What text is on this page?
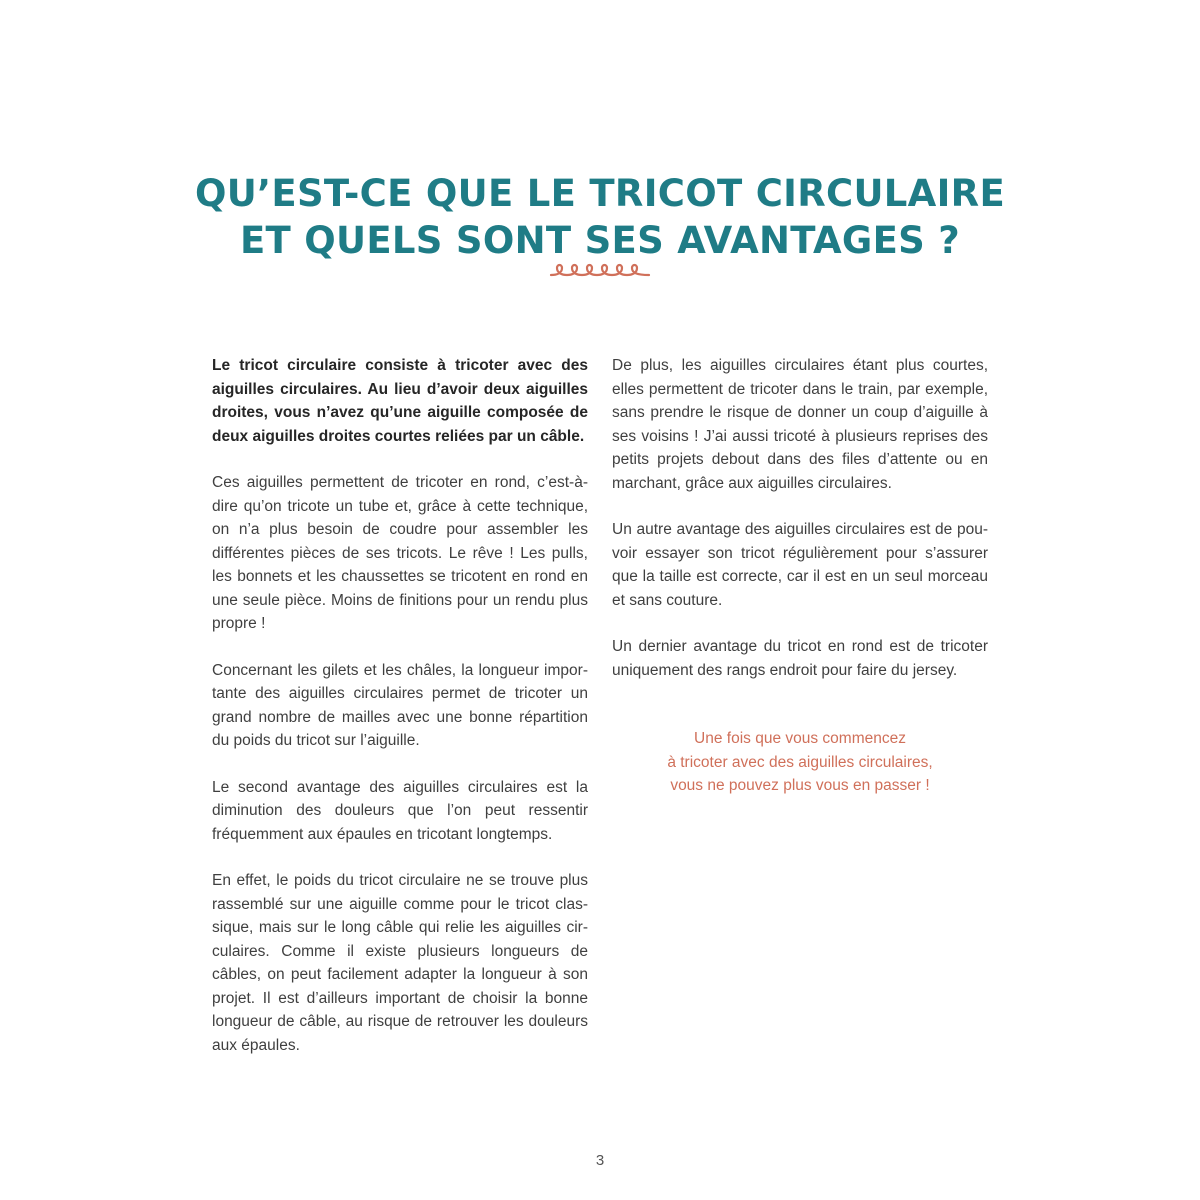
QU’EST-CE QUE LE TRICOT CIRCULAIRE
ET QUELS SONT SES AVANTAGES ?

Le tricot circulaire consiste à tricoter avec des aiguilles circulaires. Au lieu d’avoir deux aiguilles droites, vous n’avez qu’une aiguille composée de deux aiguilles droites courtes reliées par un câble.

Ces aiguilles permettent de tricoter en rond, c’est-à-dire qu’on tricote un tube et, grâce à cette technique, on n’a plus besoin de coudre pour assembler les différentes pièces de ses tricots. Le rêve ! Les pulls, les bonnets et les chaussettes se tricotent en rond en une seule pièce. Moins de finitions pour un rendu plus propre !

Concernant les gilets et les châles, la longueur importante des aiguilles circulaires permet de tricoter un grand nombre de mailles avec une bonne répartition du poids du tricot sur l’aiguille.

Le second avantage des aiguilles circulaires est la diminution des douleurs que l’on peut ressentir fréquemment aux épaules en tricotant longtemps.

En effet, le poids du tricot circulaire ne se trouve plus rassemblé sur une aiguille comme pour le tricot classique, mais sur le long câble qui relie les aiguilles circulaires. Comme il existe plusieurs longueurs de câbles, on peut facilement adapter la longueur à son projet. Il est d’ailleurs important de choisir la bonne longueur de câble, au risque de retrouver les douleurs aux épaules.

De plus, les aiguilles circulaires étant plus courtes, elles permettent de tricoter dans le train, par exemple, sans prendre le risque de donner un coup d’aiguille à ses voisins ! J’ai aussi tricoté à plusieurs reprises des petits projets debout dans des files d’attente ou en marchant, grâce aux aiguilles circulaires.

Un autre avantage des aiguilles circulaires est de pouvoir essayer son tricot régulièrement pour s’assurer que la taille est correcte, car il est en un seul morceau et sans couture.

Un dernier avantage du tricot en rond est de tricoter uniquement des rangs endroit pour faire du jersey.

Une fois que vous commencez
à tricoter avec des aiguilles circulaires,
vous ne pouvez plus vous en passer !
3
